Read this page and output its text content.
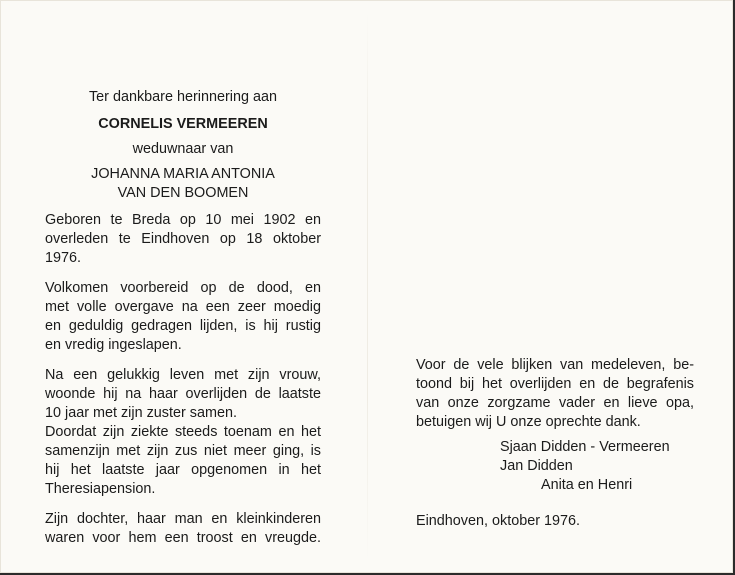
Ter dankbare herinnering aan
CORNELIS VERMEEREN
weduwnaar van
JOHANNA MARIA ANTONIA
VAN DEN BOOMEN
Geboren te Breda op 10 mei 1902 en
overleden te Eindhoven op 18 oktober
1976.
Volkomen voorbereid op de dood, en
met volle overgave na een zeer moedig
en geduldig gedragen lijden, is hij rustig
en vredig ingeslapen.
Na een gelukkig leven met zijn vrouw,
woonde hij na haar overlijden de laatste
10 jaar met zijn zuster samen.
Doordat zijn ziekte steeds toenam en het
samenzijn met zijn zus niet meer ging, is
hij het laatste jaar opgenomen in het
Theresiapension.
Zijn dochter, haar man en kleinkinderen
waren voor hem een troost en vreugde.
Voor de vele blijken van medeleven, be-
toond bij het overlijden en de begrafenis
van onze zorgzame vader en lieve opa,
betuigen wij U onze oprechte dank.
Sjaan Didden - Vermeeren
Jan Didden
Anita en Henri
Eindhoven, oktober 1976.
